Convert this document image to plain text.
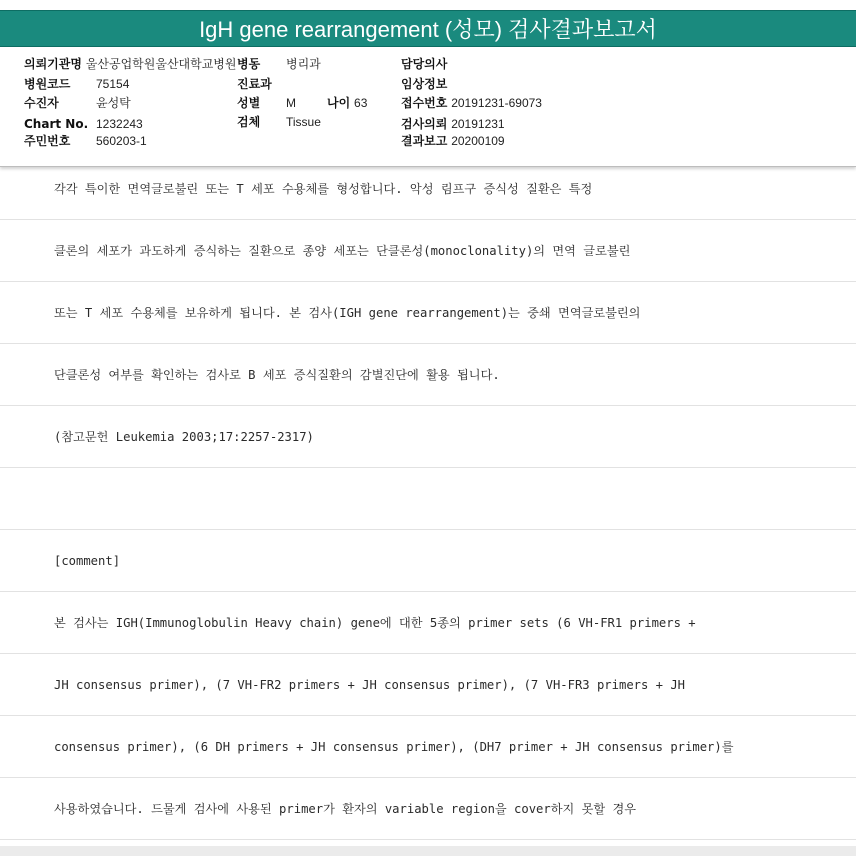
IgH gene rearrangement (성모) 검사결과보고서
의뢰기관명 울산공업학원울산대학교병원
병원코드 75154
수진자	윤성탁
Chart No. 1232243
주민번호 560203-1
병동 병리과
진료과
성별 M	나이 63
검체 Tissue
담당의사
임상정보
접수번호 20191231-69073
검사의뢰 20191231
결과보고 20200109
각각 특이한 면역글로불린 또는 T 세포 수용체를 형성합니다. 악성 림프구 증식성 질환은 특정
클론의 세포가 과도하게 증식하는 질환으로 종양 세포는 단클론성(monoclonality)의 면역 글로불린
또는 T 세포 수용체를 보유하게 됩니다. 본 검사(IGH gene rearrangement)는 중쇄 면역글로불린의
단클론성 여부를 확인하는 검사로 B 세포 증식질환의 감별진단에 활용 됩니다.
(참고문헌 Leukemia 2003;17:2257-2317)
[comment]
본 검사는 IGH(Immunoglobulin Heavy chain) gene에 대한 5종의 primer sets (6 VH-FR1 primers +
JH consensus primer), (7 VH-FR2 primers + JH consensus primer), (7 VH-FR3 primers + JH
consensus primer), (6 DH primers + JH consensus primer), (DH7 primer + JH consensus primer)를
사용하였습니다. 드물게 검사에 사용된 primer가 환자의 variable region을 cover하지 못할 경우
